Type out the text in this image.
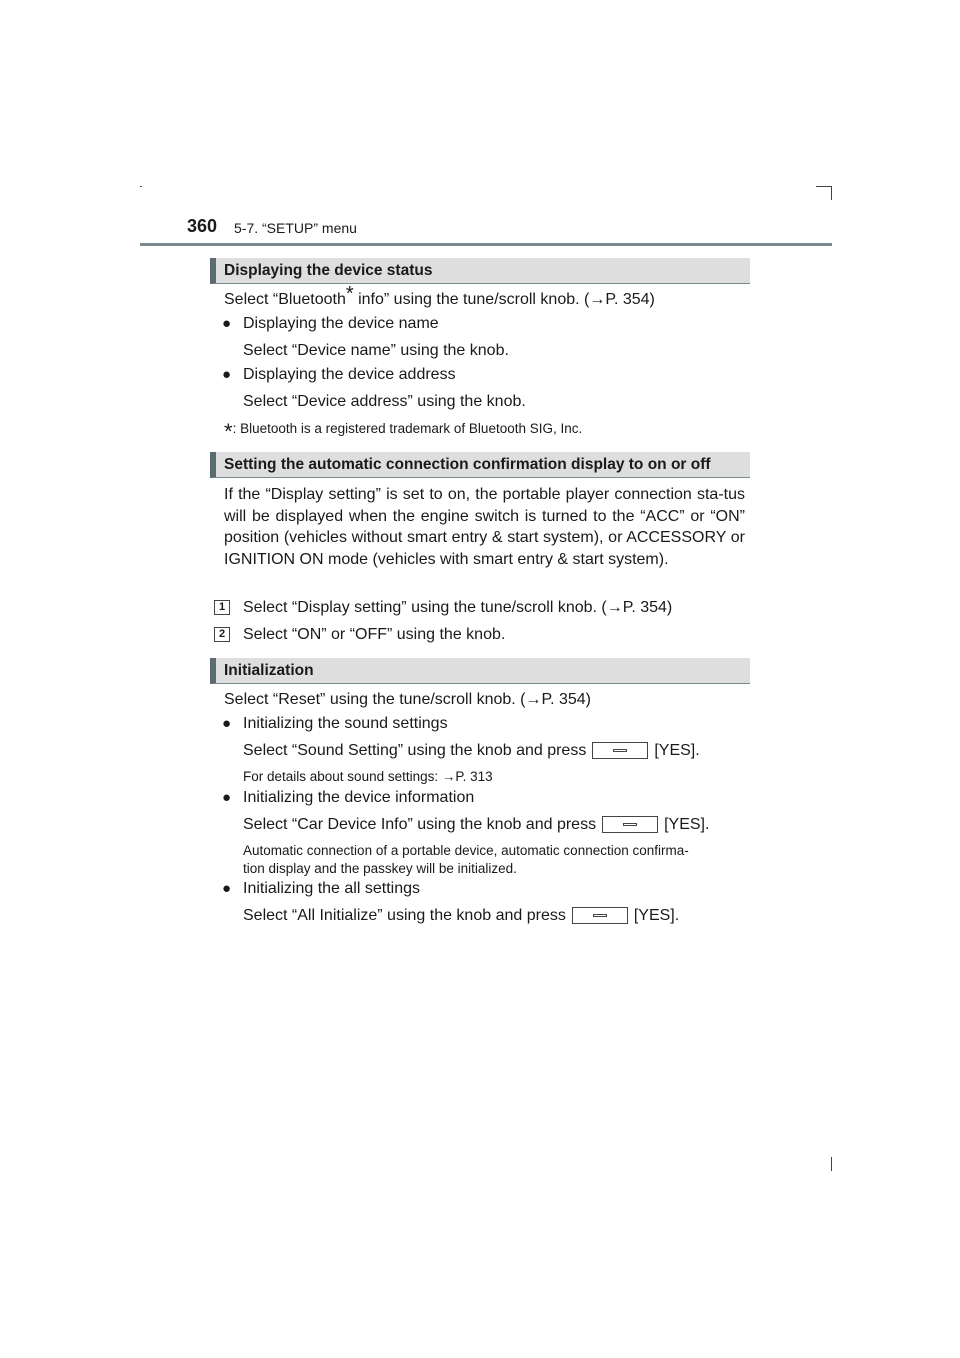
360 5-7. “SETUP” menu
Displaying the device status
Select “Bluetooth* info” using the tune/scroll knob. (→P. 354)
● Displaying the device name
Select “Device name” using the knob.
● Displaying the device address
Select “Device address” using the knob.
*: Bluetooth is a registered trademark of Bluetooth SIG, Inc.
Setting the automatic connection confirmation display to on or off
If the “Display setting” is set to on, the portable player connection sta-tus will be displayed when the engine switch is turned to the “ACC” or “ON” position (vehicles without smart entry & start system), or ACCESSORY or IGNITION ON mode (vehicles with smart entry & start system).
1	Select “Display setting” using the tune/scroll knob. (→P. 354)
2	Select “ON” or “OFF” using the knob.
Initialization
Select “Reset” using the tune/scroll knob. (→P. 354)
● Initializing the sound settings
Select “Sound Setting” using the knob and press	[YES].
For details about sound settings: →P. 313
● Initializing the device information
Select “Car Device Info” using the knob and press	[YES].
Automatic connection of a portable device, automatic connection confirma-
tion display and the passkey will be initialized.
● Initializing the all settings
Select “All Initialize” using the knob and press	[YES].
